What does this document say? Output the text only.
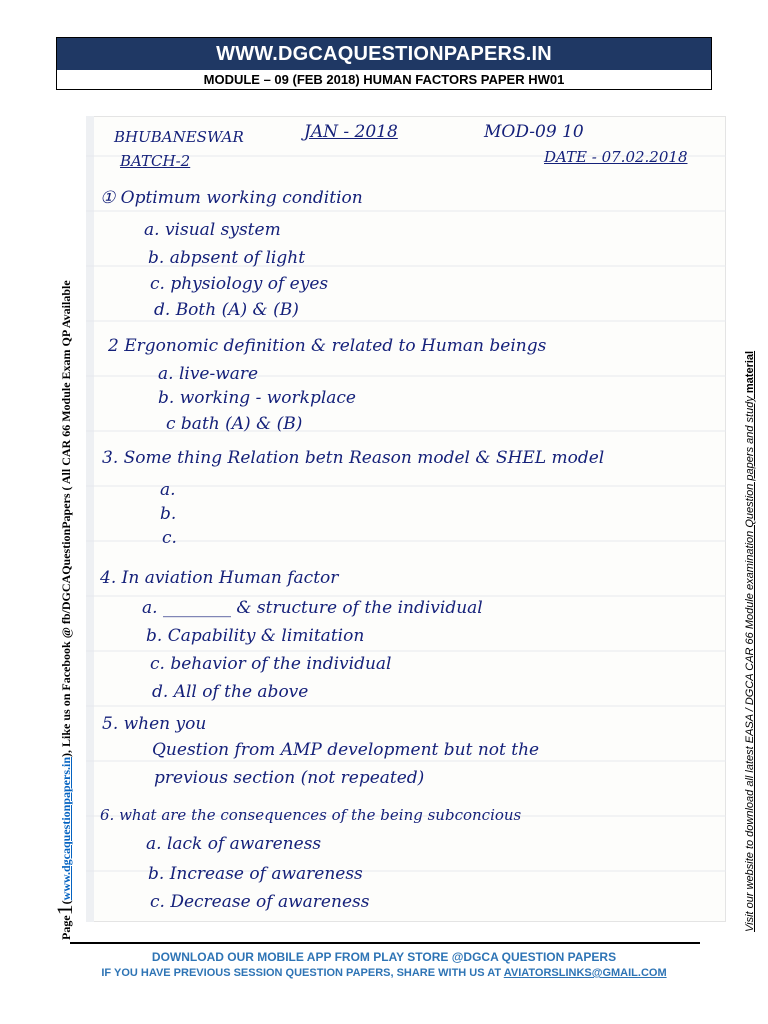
WWW.DGCAQUESTIONPAPERS.IN
MODULE – 09 (FEB 2018) HUMAN FACTORS PAPER HW01
Page1(www.dgcaquestionpapers.in), Like us on Facebook @ fb/DGCAQuestionPapers ( All CAR 66 Module Exam QP Available	Visit our website to download all latest EASA / DGCA CAR 66 Module examination Question papers and study material
BHUBANESWAR
BATCH-2
JAN - 2018	MOD-09 10
DATE - 07.02.2018
① Optimum working condition
a. visual system
b. abpsent of light
c. physiology of eyes
d. Both (A) & (B)
2 Ergonomic definition & related to Human beings
a. live-ware
b. working - workplace
c bath (A) & (B)
3. Some thing Relation betn Reason model & SHEL model
a.
b.
c.
4. In aviation Human factor
a. ________ & structure of the individual
b. Capability & limitation
c. behavior of the individual
d. All of the above
5. when you
Question from AMP development but not the
previous section (not repeated)
6. what are the consequences of the being subconcious
a. lack of awareness
b. Increase of awareness
c. Decrease of awareness
DOWNLOAD OUR MOBILE APP FROM PLAY STORE @DGCA QUESTION PAPERS
IF YOU HAVE PREVIOUS SESSION QUESTION PAPERS, SHARE WITH US AT AVIATORSLINKS@GMAIL.COM
